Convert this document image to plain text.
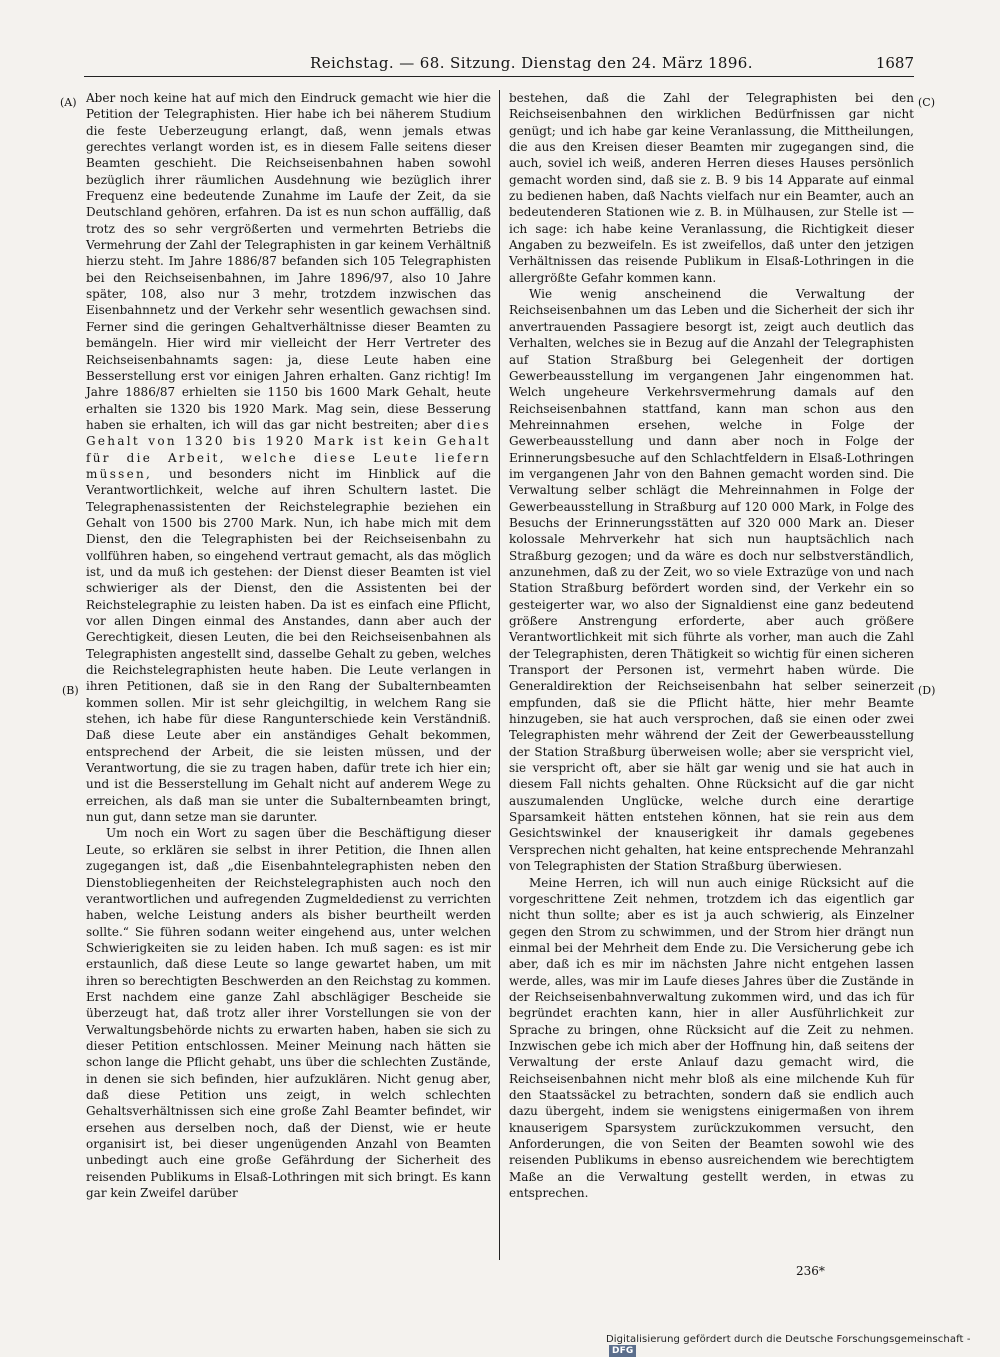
Reichstag. — 68. Sitzung. Dienstag den 24. März 1896.	1687
(A)
(B)
(C)
(D)

Aber noch keine hat auf mich den Eindruck gemacht wie hier die Petition der Telegraphisten. Hier habe ich bei näherem Studium die feste Ueberzeugung erlangt, daß, wenn jemals etwas gerechtes verlangt worden ist, es in diesem Falle seitens dieser Beamten geschieht. Die Reichseisenbahnen haben sowohl bezüglich ihrer räumlichen Ausdehnung wie bezüglich ihrer Frequenz eine bedeutende Zunahme im Laufe der Zeit, da sie Deutschland gehören, erfahren. Da ist es nun schon auffällig, daß trotz des so sehr vergrößerten und vermehrten Betriebs die Vermehrung der Zahl der Telegraphisten in gar keinem Verhältniß hierzu steht. Im Jahre 1886/87 befanden sich 105 Telegraphisten bei den Reichseisenbahnen, im Jahre 1896/97, also 10 Jahre später, 108, also nur 3 mehr, trotzdem inzwischen das Eisenbahnnetz und der Verkehr sehr wesentlich gewachsen sind. Ferner sind die geringen Gehaltverhältnisse dieser Beamten zu bemängeln. Hier wird mir vielleicht der Herr Vertreter des Reichseisenbahnamts sagen: ja, diese Leute haben eine Besserstellung erst vor einigen Jahren erhalten. Ganz richtig! Im Jahre 1886/87 erhielten sie 1150 bis 1600 Mark Gehalt, heute erhalten sie 1320 bis 1920 Mark. Mag sein, diese Besserung haben sie erhalten, ich will das gar nicht bestreiten; aber dies Gehalt von 1320 bis 1920 Mark ist kein Gehalt für die Arbeit, welche diese Leute liefern müssen, und besonders nicht im Hinblick auf die Verantwortlichkeit, welche auf ihren Schultern lastet. Die Telegraphenassistenten der Reichstelegraphie beziehen ein Gehalt von 1500 bis 2700 Mark. Nun, ich habe mich mit dem Dienst, den die Telegraphisten bei der Reichseisenbahn zu vollführen haben, so eingehend vertraut gemacht, als das möglich ist, und da muß ich gestehen: der Dienst dieser Beamten ist viel schwieriger als der Dienst, den die Assistenten bei der Reichstelegraphie zu leisten haben. Da ist es einfach eine Pflicht, vor allen Dingen einmal des Anstandes, dann aber auch der Gerechtigkeit, diesen Leuten, die bei den Reichseisenbahnen als Telegraphisten angestellt sind, dasselbe Gehalt zu geben, welches die Reichstelegraphisten heute haben. Die Leute verlangen in ihren Petitionen, daß sie in den Rang der Subalternbeamten kommen sollen. Mir ist sehr gleichgiltig, in welchem Rang sie stehen, ich habe für diese Rangunterschiede kein Verständniß. Daß diese Leute aber ein anständiges Gehalt bekommen, entsprechend der Arbeit, die sie leisten müssen, und der Verantwortung, die sie zu tragen haben, dafür trete ich hier ein; und ist die Besserstellung im Gehalt nicht auf anderem Wege zu erreichen, als daß man sie unter die Subalternbeamten bringt, nun gut, dann setze man sie darunter.

Um noch ein Wort zu sagen über die Beschäftigung dieser Leute, so erklären sie selbst in ihrer Petition, die Ihnen allen zugegangen ist, daß „die Eisenbahntelegraphisten neben den Dienstobliegenheiten der Reichstelegraphisten auch noch den verantwortlichen und aufregenden Zugmeldedienst zu verrichten haben, welche Leistung anders als bisher beurtheilt werden sollte.“ Sie führen sodann weiter eingehend aus, unter welchen Schwierigkeiten sie zu leiden haben. Ich muß sagen: es ist mir erstaunlich, daß diese Leute so lange gewartet haben, um mit ihren so berechtigten Beschwerden an den Reichstag zu kommen. Erst nachdem eine ganze Zahl abschlägiger Bescheide sie überzeugt hat, daß trotz aller ihrer Vorstellungen sie von der Verwaltungsbehörde nichts zu erwarten haben, haben sie sich zu dieser Petition entschlossen. Meiner Meinung nach hätten sie schon lange die Pflicht gehabt, uns über die schlechten Zustände, in denen sie sich befinden, hier aufzuklären. Nicht genug aber, daß diese Petition uns zeigt, in welch schlechten Gehaltsverhältnissen sich eine große Zahl Beamter befindet, wir ersehen aus derselben noch, daß der Dienst, wie er heute organisirt ist, bei dieser ungenügenden Anzahl von Beamten unbedingt auch eine große Gefährdung der Sicherheit des reisenden Publikums in Elsaß-Lothringen mit sich bringt. Es kann gar kein Zweifel darüber

bestehen, daß die Zahl der Telegraphisten bei den Reichseisenbahnen den wirklichen Bedürfnissen gar nicht genügt; und ich habe gar keine Veranlassung, die Mittheilungen, die aus den Kreisen dieser Beamten mir zugegangen sind, die auch, soviel ich weiß, anderen Herren dieses Hauses persönlich gemacht worden sind, daß sie z. B. 9 bis 14 Apparate auf einmal zu bedienen haben, daß Nachts vielfach nur ein Beamter, auch an bedeutenderen Stationen wie z. B. in Mülhausen, zur Stelle ist — ich sage: ich habe keine Veranlassung, die Richtigkeit dieser Angaben zu bezweifeln. Es ist zweifellos, daß unter den jetzigen Verhältnissen das reisende Publikum in Elsaß-Lothringen in die allergrößte Gefahr kommen kann.

Wie wenig anscheinend die Verwaltung der Reichseisenbahnen um das Leben und die Sicherheit der sich ihr anvertrauenden Passagiere besorgt ist, zeigt auch deutlich das Verhalten, welches sie in Bezug auf die Anzahl der Telegraphisten auf Station Straßburg bei Gelegenheit der dortigen Gewerbeausstellung im vergangenen Jahr eingenommen hat. Welch ungeheure Verkehrsvermehrung damals auf den Reichseisenbahnen stattfand, kann man schon aus den Mehreinnahmen ersehen, welche in Folge der Gewerbeausstellung und dann aber noch in Folge der Erinnerungsbesuche auf den Schlachtfeldern in Elsaß-Lothringen im vergangenen Jahr von den Bahnen gemacht worden sind. Die Verwaltung selber schlägt die Mehreinnahmen in Folge der Gewerbeausstellung in Straßburg auf 120 000 Mark, in Folge des Besuchs der Erinnerungsstätten auf 320 000 Mark an. Dieser kolossale Mehrverkehr hat sich nun hauptsächlich nach Straßburg gezogen; und da wäre es doch nur selbstverständlich, anzunehmen, daß zu der Zeit, wo so viele Extrazüge von und nach Station Straßburg befördert worden sind, der Verkehr ein so gesteigerter war, wo also der Signaldienst eine ganz bedeutend größere Anstrengung erforderte, aber auch größere Verantwortlichkeit mit sich führte als vorher, man auch die Zahl der Telegraphisten, deren Thätigkeit so wichtig für einen sicheren Transport der Personen ist, vermehrt haben würde. Die Generaldirektion der Reichseisenbahn hat selber seinerzeit empfunden, daß sie die Pflicht hätte, hier mehr Beamte hinzugeben, sie hat auch versprochen, daß sie einen oder zwei Telegraphisten mehr während der Zeit der Gewerbeausstellung der Station Straßburg überweisen wolle; aber sie verspricht viel, sie verspricht oft, aber sie hält gar wenig und sie hat auch in diesem Fall nichts gehalten. Ohne Rücksicht auf die gar nicht auszumalenden Unglücke, welche durch eine derartige Sparsamkeit hätten entstehen können, hat sie rein aus dem Gesichtswinkel der knauserigkeit ihr damals gegebenes Versprechen nicht gehalten, hat keine entsprechende Mehranzahl von Telegraphisten der Station Straßburg überwiesen.

Meine Herren, ich will nun auch einige Rücksicht auf die vorgeschrittene Zeit nehmen, trotzdem ich das eigentlich gar nicht thun sollte; aber es ist ja auch schwierig, als Einzelner gegen den Strom zu schwimmen, und der Strom hier drängt nun einmal bei der Mehrheit dem Ende zu. Die Versicherung gebe ich aber, daß ich es mir im nächsten Jahre nicht entgehen lassen werde, alles, was mir im Laufe dieses Jahres über die Zustände in der Reichseisenbahnverwaltung zukommen wird, und das ich für begründet erachten kann, hier in aller Ausführlichkeit zur Sprache zu bringen, ohne Rücksicht auf die Zeit zu nehmen. Inzwischen gebe ich mich aber der Hoffnung hin, daß seitens der Verwaltung der erste Anlauf dazu gemacht wird, die Reichseisenbahnen nicht mehr bloß als eine milchende Kuh für den Staatssäckel zu betrachten, sondern daß sie endlich auch dazu übergeht, indem sie wenigstens einigermaßen von ihrem knauserigem Sparsystem zurückzukommen versucht, den Anforderungen, die von Seiten der Beamten sowohl wie des reisenden Publikums in ebenso ausreichendem wie berechtigtem Maße an die Verwaltung gestellt werden, in etwas zu entsprechen.

236*
Digitalisierung gefördert durch die Deutsche Forschungsgemeinschaft -DFG
